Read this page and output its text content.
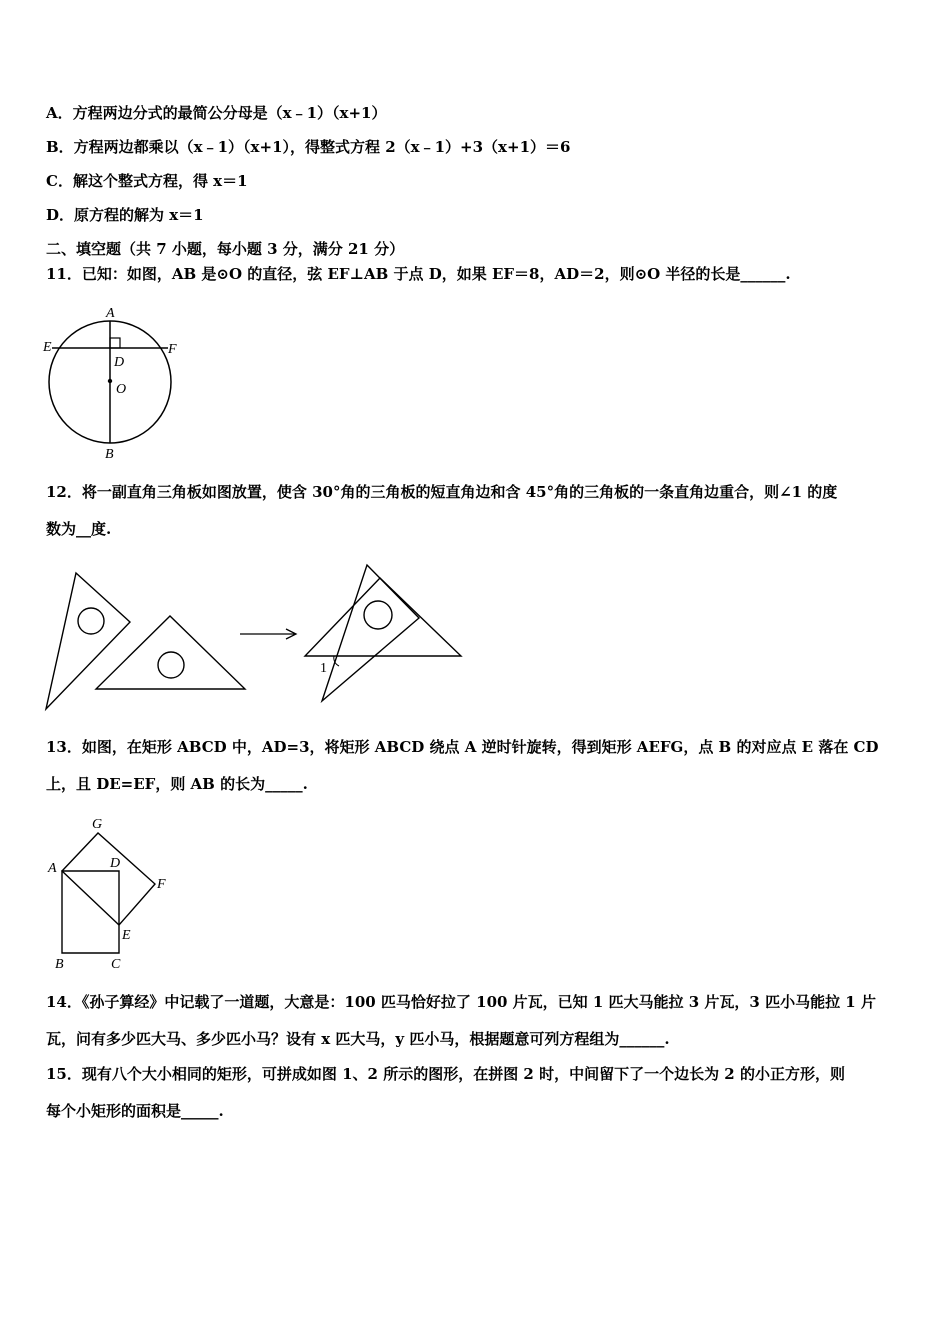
A．方程两边分式的最简公分母是（x﹣1）（x+1）
B．方程两边都乘以（x﹣1）（x+1），得整式方程 2（x﹣1）+3（x+1）＝6
C．解这个整式方程，得 x＝1
D．原方程的解为 x＝1
二、填空题（共 7 小题，每小题 3 分，满分 21 分）
11．已知：如图，AB 是⊙O 的直径，弦 EF⊥AB 于点 D，如果 EF＝8，AD＝2，则⊙O 半径的长是______.
A
E	F
D
O
B
12．将一副直角三角板如图放置，使含 30°角的三角板的短直角边和含 45°角的三角板的一条直角边重合，则∠1 的度
数为__度.
1
13．如图，在矩形 ABCD 中，AD=3，将矩形 ABCD 绕点 A 逆时针旋转，得到矩形 AEFG，点 B 的对应点 E 落在 CD
上，且 DE=EF，则 AB 的长为_____.
G
A	D
F
E
B	C
14．《孙子算经》中记载了一道题，大意是：100 匹马恰好拉了 100 片瓦，已知 1 匹大马能拉 3 片瓦，3 匹小马能拉 1 片
瓦，问有多少匹大马、多少匹小马？设有 x 匹大马，y 匹小马，根据题意可列方程组为______.
15．现有八个大小相同的矩形，可拼成如图 1、2 所示的图形，在拼图 2 时，中间留下了一个边长为 2 的小正方形，则
每个小矩形的面积是_____.
